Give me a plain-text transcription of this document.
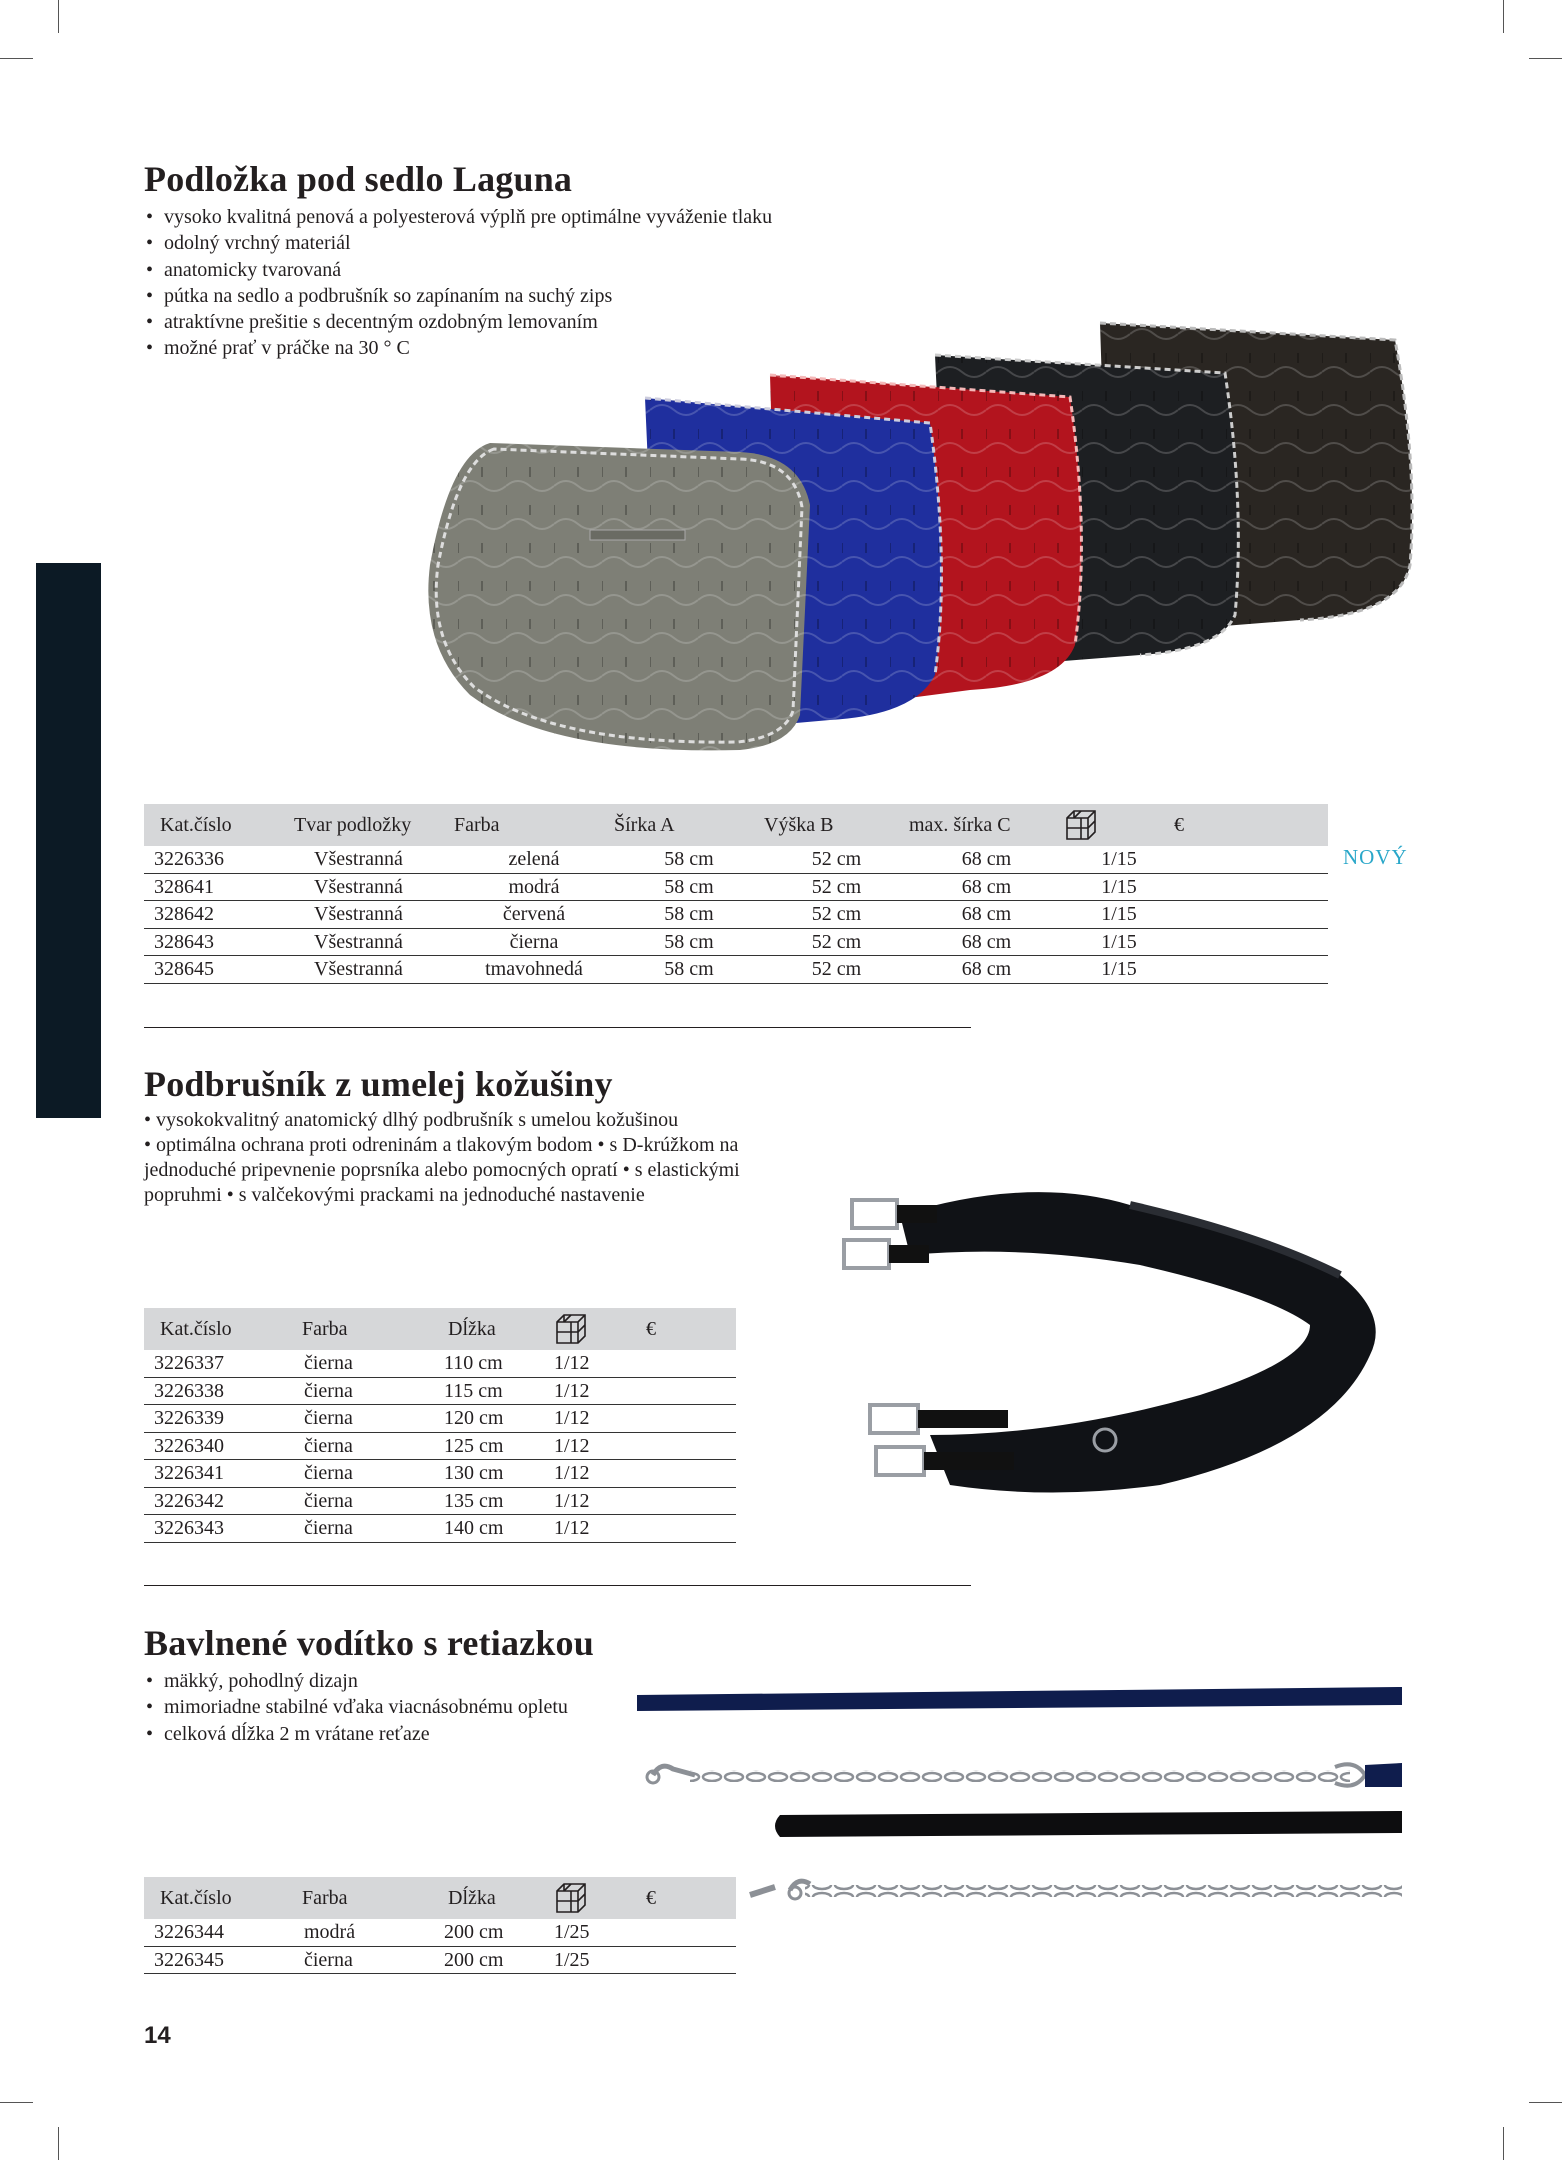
Podložka pod sedlo Laguna
• vysoko kvalitná penová a polyesterová výplň pre optimálne vyváženie tlaku
• odolný vrchný materiál
• anatomicky tvarovaná
• pútka na sedlo a podbrušník so zapínaním na suchý zips
• atraktívne prešitie s decentným ozdobným lemovaním
• možné prať v práčke na 30 ° C
Kat.číslo	Tvar podložky	Farba	Šírka A	Výška B	max. šírka C		€
3226336	Všestranná	zelená	58 cm	52 cm	68 cm	1/15	
328641	Všestranná	modrá	58 cm	52 cm	68 cm	1/15	
328642	Všestranná	červená	58 cm	52 cm	68 cm	1/15	
328643	Všestranná	čierna	58 cm	52 cm	68 cm	1/15	
328645	Všestranná	tmavohnedá	58 cm	52 cm	68 cm	1/15	
NOVÝ
Podbrušník z umelej kožušiny
• vysokokvalitný anatomický dlhý podbrušník s umelou kožušinou
• optimálna ochrana proti odreninám a tlakovým bodom • s D-krúžkom na
jednoduché pripevnenie poprsníka alebo pomocných opratí • s elastickými
popruhmi • s valčekovými prackami na jednoduché nastavenie
Kat.číslo	Farba	Dĺžka		€
3226337	čierna	110 cm	1/12	
3226338	čierna	115 cm	1/12	
3226339	čierna	120 cm	1/12	
3226340	čierna	125 cm	1/12	
3226341	čierna	130 cm	1/12	
3226342	čierna	135 cm	1/12	
3226343	čierna	140 cm	1/12	
Bavlnené vodítko s retiazkou
• mäkký, pohodlný dizajn
• mimoriadne stabilné vďaka viacnásobnému opletu
• celková dĺžka 2 m vrátane reťaze
Kat.číslo	Farba	Dĺžka		€
3226344	modrá	200 cm	1/25	
3226345	čierna	200 cm	1/25	
14
